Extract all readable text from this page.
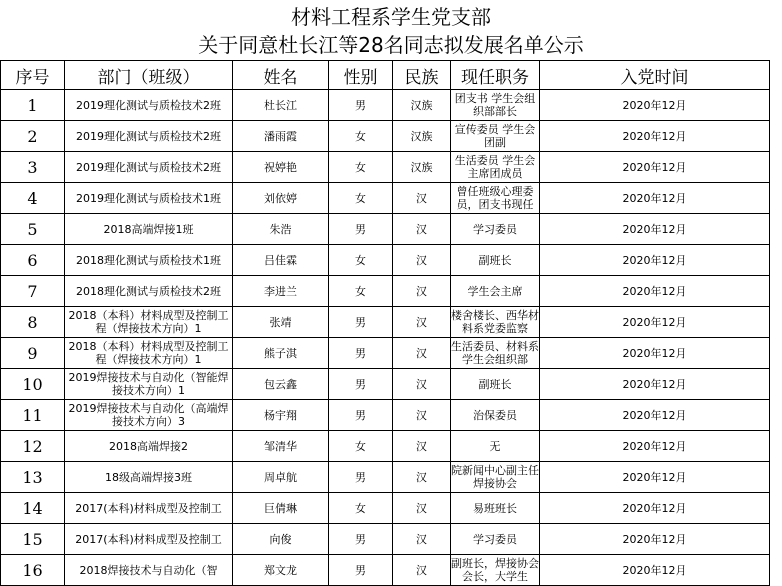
材料工程系学生党支部
关于同意杜长江等28名同志拟发展名单公示
序号	部门（班级）	姓名	性别	民族	现任职务	入党时间
1	2019理化测试与质检技术2班	杜长江	男	汉族	团支书 学生会组织部部长	2020年12月
2	2019理化测试与质检技术2班	潘雨霞	女	汉族	宣传委员 学生会团副	2020年12月
3	2019理化测试与质检技术2班	祝婷艳	女	汉族	生活委员 学生会主席团成员	2020年12月
4	2019理化测试与质检技术1班	刘依婷	女	汉	曾任班级心理委员，团支书现任	2020年12月
5	2018高端焊接1班	朱浩	男	汉	学习委员	2020年12月
6	2018理化测试与质检技术1班	吕佳霖	女	汉	副班长	2020年12月
7	2018理化测试与质检技术2班	李进兰	女	汉	学生会主席	2020年12月
8	2018（本科）材料成型及控制工程（焊接技术方向）1	张靖	男	汉	楼舍楼长、西华材料系党委监察	2020年12月
9	2018（本科）材料成型及控制工程（焊接技术方向）1	熊子淇	男	汉	生活委员、材料系学生会组织部	2020年12月
10	2019焊接技术与自动化（智能焊接技术方向）1	包云鑫	男	汉	副班长	2020年12月
11	2019焊接技术与自动化（高端焊接技术方向）3	杨宇翔	男	汉	治保委员	2020年12月
12	2018高端焊接2	邹清华	女	汉	无	2020年12月
13	18级高端焊接3班	周卓航	男	汉	院新闻中心副主任 焊接协会	2020年12月
14	2017(本科)材料成型及控制工	巨倩琳	女	汉	易班班长	2020年12月
15	2017(本科)材料成型及控制工	向俊	男	汉	学习委员	2020年12月
16	2018焊接技术与自动化（智	郑文龙	男	汉	副班长，焊接协会会长，大学生	2020年12月
